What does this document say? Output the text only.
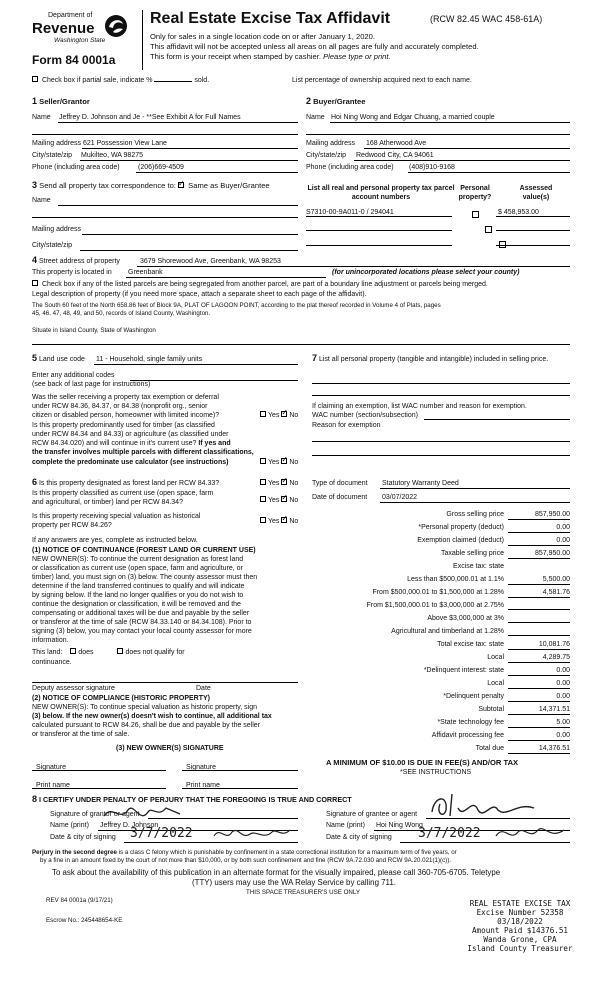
Department of
Revenue
Washington State
Form 84 0001a
Real Estate Excise Tax Affidavit	(RCW 82.45 WAC 458-61A)
Only for sales in a single location code on or after January 1, 2020.
This affidavit will not be accepted unless all areas on all pages are fully and accurately completed.
This form is your receipt when stamped by cashier. Please type or print.
Check box if partial sale, indicate %	sold.	List percentage of ownership acquired next to each name.
1 Seller/Grantor
Name Jeffrey D. Johnson and Je - **See Exhibit A for Full Names
Mailing address 621 Possession View Lane
City/state/zip Mukilteo, WA 98275
Phone (including area code)	(206)669-4509
2 Buyer/Grantee
Name Hoi Ning Wong and Edgar Chuang, a married couple
Mailing address 168 Atherwood Ave
City/state/zip Redwood City, CA 94061
Phone (including area code) (408)910-9168
3 Send all property tax correspondence to: ✓ Same as Buyer/Grantee
Name
Mailing address
City/state/zip
List all real and personal property tax parcel account numbers
Personal property?
Assessed value(s)
S7310-00-9A011-0 / 294041
	$ 458,953.00

4 Street address of property	3679 Shorewood Ave, Greenbank, WA 98253
This property is located in Greenbank	(for unincorporated locations please select your county)
Check box if any of the listed parcels are being segregated from another parcel, are part of a boundary line adjustment or parcels being merged.
Legal description of property (if you need more space, attach a separate sheet to each page of the affidavit).
The South 60 feet of the North 658.86 feet of Block 9A, PLAT OF LAGOON POINT, according to the plat thereof recorded in Volume 4 of Plats, pages
45, 46, 47, 48, 49, and 50, records of Island County, Washington.
Situate in Island County, State of Washington
5 Land use code 11 - Household, single family units
Enter any additional codes
(see back of last page for instructions)
Was the seller receiving a property tax exemption or deferral
under RCW 84.36, 84.37, or 84.38 (nonprofit org., senior
citizen or disabled person, homeowner with limited income)?	Yes ✓ No
Is this property predominantly used for timber (as classified
under RCW 84.34 and 84.33) or agriculture (as classified under
RCW 84.34.020) and will continue in it's current use? If yes and
the transfer involves multiple parcels with different classifications,
complete the predominate use calculator (see instructions)	Yes ✓ No
7 List all personal property (tangible and intangible) included in selling price.
If claiming an exemption, list WAC number and reason for exemption.
WAC number (section/subsection)
Reason for exemption
6 Is this property designated as forest land per RCW 84.33?	Yes ✓ No
Is this property classified as current use (open space, farm
and agricultural, or timber) land per RCW 84.34?	Yes ✓ No
Is this property receiving special valuation as historical
property per RCW 84.26?
Yes ✓ No
If any answers are yes, complete as instructed below.
(1) NOTICE OF CONTINUANCE (FOREST LAND OR CURRENT USE)
NEW OWNER(S): To continue the current designation as forest land
or classification as current use (open space, farm and agriculture, or
timber) land, you must sign on (3) below. The county assessor must then
determine if the land transferred continues to qualify and will indicate
by signing below. If the land no longer qualifies or you do not wish to
continue the designation or classification, it will be removed and the
compensating or additional taxes will be due and payable by the seller
or transferor at the time of sale (RCW 84.33.140 or 84.34.108). Prior to
signing (3) below, you may contact your local county assessor for more
information.
This land: does	does not qualify for
continuance.
Deputy assessor signature	Date
(2) NOTICE OF COMPLIANCE (HISTORIC PROPERTY)
NEW OWNER(S): To continue special valuation as historic property, sign
(3) below. If the new owner(s) doesn't wish to continue, all additional tax
calculated pursuant to RCW 84.26, shall be due and payable by the seller
or transferor at the time of sale.
(3) NEW OWNER(S) SIGNATURE
Signature	Signature
Print name	Print name
Type of document Statutory Warranty Deed
Date of document 03/07/2022
Gross selling price	857,950.00
*Personal property (deduct)	0.00
Exemption claimed (deduct)	0.00
Taxable selling price	857,950.00
Excise tax: state
Less than $500,000.01 at 1.1%	5,500.00
From $500,000.01 to $1,500,000 at 1.28%	4,581.76
From $1,500,000.01 to $3,000,000 at 2.75%
Above $3,000,000 at 3%
Agricultural and timberland at 1.28%
Total excise tax: state	10,081.76
Local	4,289.75
*Delinquent interest: state	0.00
Local	0.00
*Delinquent penalty	0.00
Subtotal	14,371.51
*State technology fee	5.00
Affidavit processing fee	0.00
Total due	14,376.51
A MINIMUM OF $10.00 IS DUE IN FEE(S) AND/OR TAX
*SEE INSTRUCTIONS
8 I CERTIFY UNDER PENALTY OF PERJURY THAT THE FOREGOING IS TRUE AND CORRECT
Signature of grantor or agent
Name (print) Jeffrey D. Johnson
Date & city of signing 3/7/2022
Signature of grantee or agent
Name (print) Hoi Ning Wong
Date & city of signing 3/7/2022
Perjury in the second degree is a class C felony which is punishable by confinement in a state correctional institution for a maximum term of five years, or
by a fine in an amount fixed by the court of not more than $10,000, or by both such confinement and fine (RCW 9A.72.030 and RCW 9A.20.021(1)(c)).
To ask about the availability of this publication in an alternate format for the visually impaired, please call 360-705-6705. Teletype
(TTY) users may use the WA Relay Service by calling 711.
REV 84 0001a (9/17/21)
THIS SPACE TREASURER'S USE ONLY
Escrow No.: 245448654-KE
REAL ESTATE EXCISE TAX
Excise Number 52358
03/18/2022
Amount Paid $14376.51
Wanda Grone, CPA
Island County Treasurer
